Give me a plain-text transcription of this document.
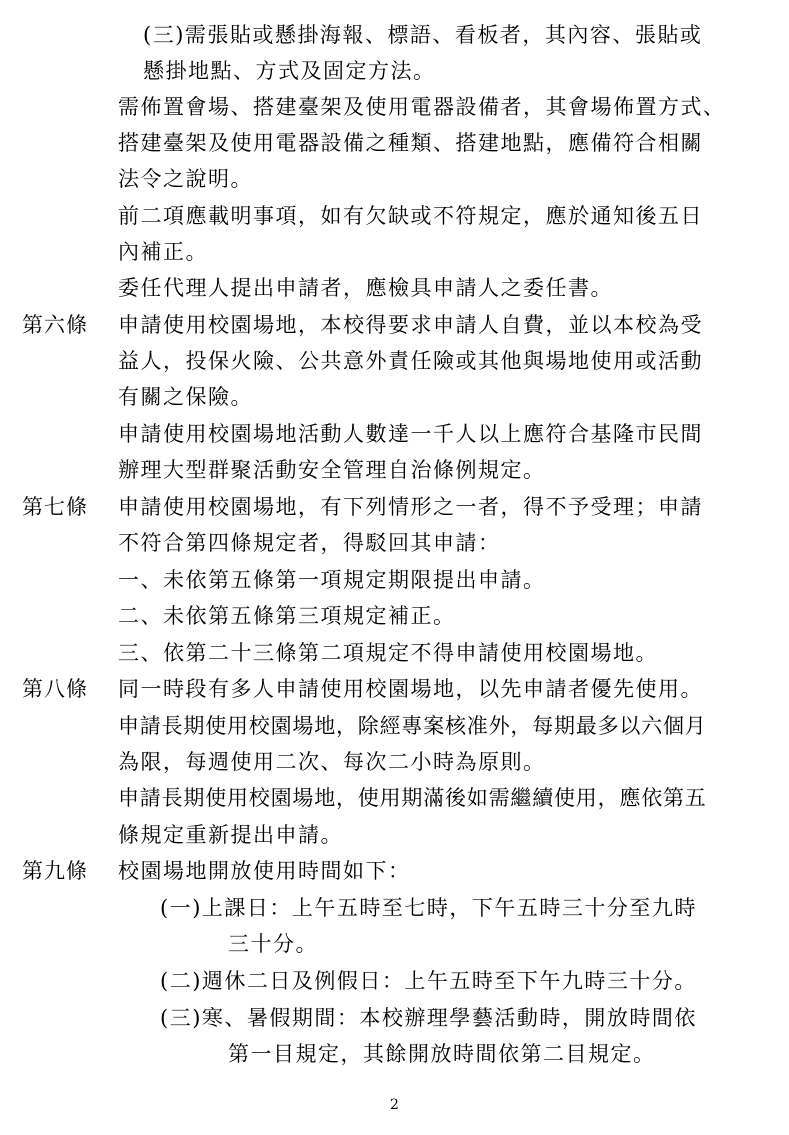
(三)需張貼或懸掛海報、標語、看板者，其內容、張貼或
懸掛地點、方式及固定方法。
需佈置會場、搭建臺架及使用電器設備者，其會場佈置方式、
搭建臺架及使用電器設備之種類、搭建地點，應備符合相關
法令之說明。
前二項應載明事項，如有欠缺或不符規定，應於通知後五日
內補正。
委任代理人提出申請者，應檢具申請人之委任書。
第六條 申請使用校園場地，本校得要求申請人自費，並以本校為受
益人，投保火險、公共意外責任險或其他與場地使用或活動
有關之保險。
申請使用校園場地活動人數達一千人以上應符合基隆市民間
辦理大型群聚活動安全管理自治條例規定。
第七條 申請使用校園場地，有下列情形之一者，得不予受理；申請
不符合第四條規定者，得駁回其申請：
一、未依第五條第一項規定期限提出申請。
二、未依第五條第三項規定補正。
三、依第二十三條第二項規定不得申請使用校園場地。
第八條 同一時段有多人申請使用校園場地，以先申請者優先使用。
申請長期使用校園場地，除經專案核准外，每期最多以六個月
為限，每週使用二次、每次二小時為原則。
申請長期使用校園場地，使用期滿後如需繼續使用，應依第五
條規定重新提出申請。
第九條 校園場地開放使用時間如下：
(一)上課日：上午五時至七時，下午五時三十分至九時
三十分。
(二)週休二日及例假日：上午五時至下午九時三十分。
(三)寒、暑假期間：本校辦理學藝活動時，開放時間依
第一目規定，其餘開放時間依第二目規定。
2
